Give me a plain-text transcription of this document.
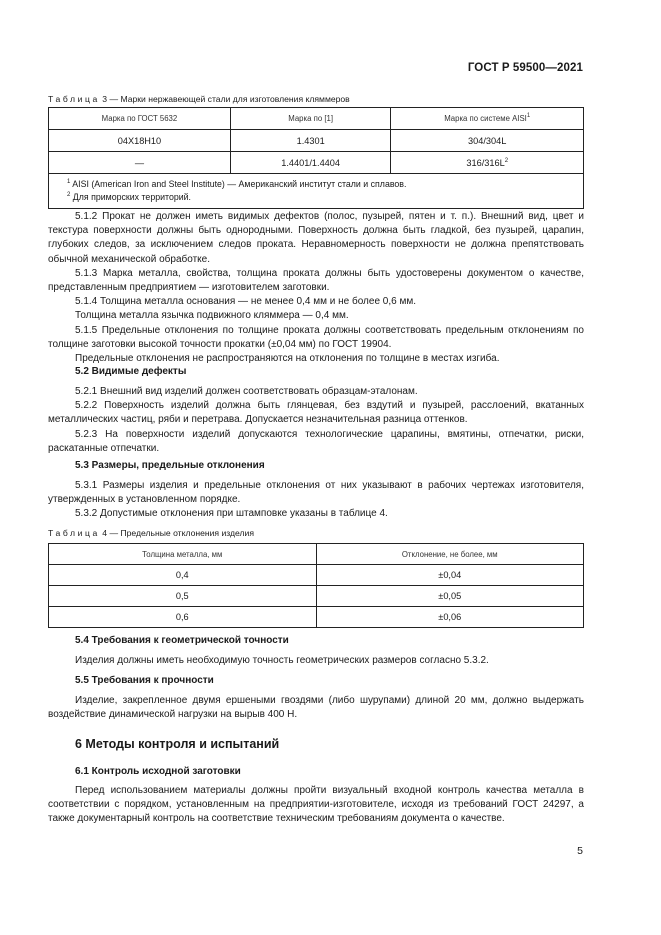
ГОСТ Р 59500—2021
Таблица 3 — Марки нержавеющей стали для изготовления кляммеров
Марка по ГОСТ 5632	Марка по [1]	Марка по системе AISI$^1$
04Х18Н10	1.4301	304/304L
—	1.4401/1.4404	$316/316L^2$

$^1$ AISI (American Iron and Steel Institute) — Американский институт стали и сплавов.
$^2$ Для приморских территорий.		
5.1.2 Прокат не должен иметь видимых дефектов (полос, пузырей, пятен и т. п.). Внешний вид, цвет и текстура поверхности должны быть однородными. Поверхность должна быть гладкой, без пузырей, царапин, глубоких следов, за исключением следов проката. Неравномерность поверхности не должна препятствовать обычной механической обработке.
5.1.3 Марка металла, свойства, толщина проката должны быть удостоверены документом о качестве, представленным предприятием — изготовителем заготовки.
5.1.4 Толщина металла основания — не менее 0,4 мм и не более 0,6 мм.
Толщина металла язычка подвижного кляммера — 0,4 мм.
5.1.5 Предельные отклонения по толщине проката должны соответствовать предельным отклонениям по толщине заготовки высокой точности прокатки (±0,04 мм) по ГОСТ 19904.
Предельные отклонения не распространяются на отклонения по толщине в местах изгиба.
5.2 Видимые дефекты
5.2.1 Внешний вид изделий должен соответствовать образцам-эталонам.
5.2.2 Поверхность изделий должна быть глянцевая, без вздутий и пузырей, расслоений, вкатанных металлических частиц, ряби и перетрава. Допускается незначительная разница оттенков.
5.2.3 На поверхности изделий допускаются технологические царапины, вмятины, отпечатки, риски, раскатанные отпечатки.
5.3 Размеры, предельные отклонения
5.3.1 Размеры изделия и предельные отклонения от них указывают в рабочих чертежах изготовителя, утвержденных в установленном порядке.
5.3.2 Допустимые отклонения при штамповке указаны в таблице 4.
Таблица 4 — Предельные отклонения изделия
Толщина металла, мм	Отклонение, не более, мм
0,4	±0,04
0,5	±0,05
0,6	±0,06
5.4 Требования к геометрической точности
Изделия должны иметь необходимую точность геометрических размеров согласно 5.3.2.
5.5 Требования к прочности
Изделие, закрепленное двумя ершеными гвоздями (либо шурупами) длиной 20 мм, должно выдержать воздействие динамической нагрузки на вырыв 400 Н.
6 Методы контроля и испытаний
6.1 Контроль исходной заготовки
Перед использованием материалы должны пройти визуальный входной контроль качества металла в соответствии с порядком, установленным на предприятии-изготовителе, исходя из требований ГОСТ 24297, а также документарный контроль на соответствие техническим требованиям документа о качестве.
5
